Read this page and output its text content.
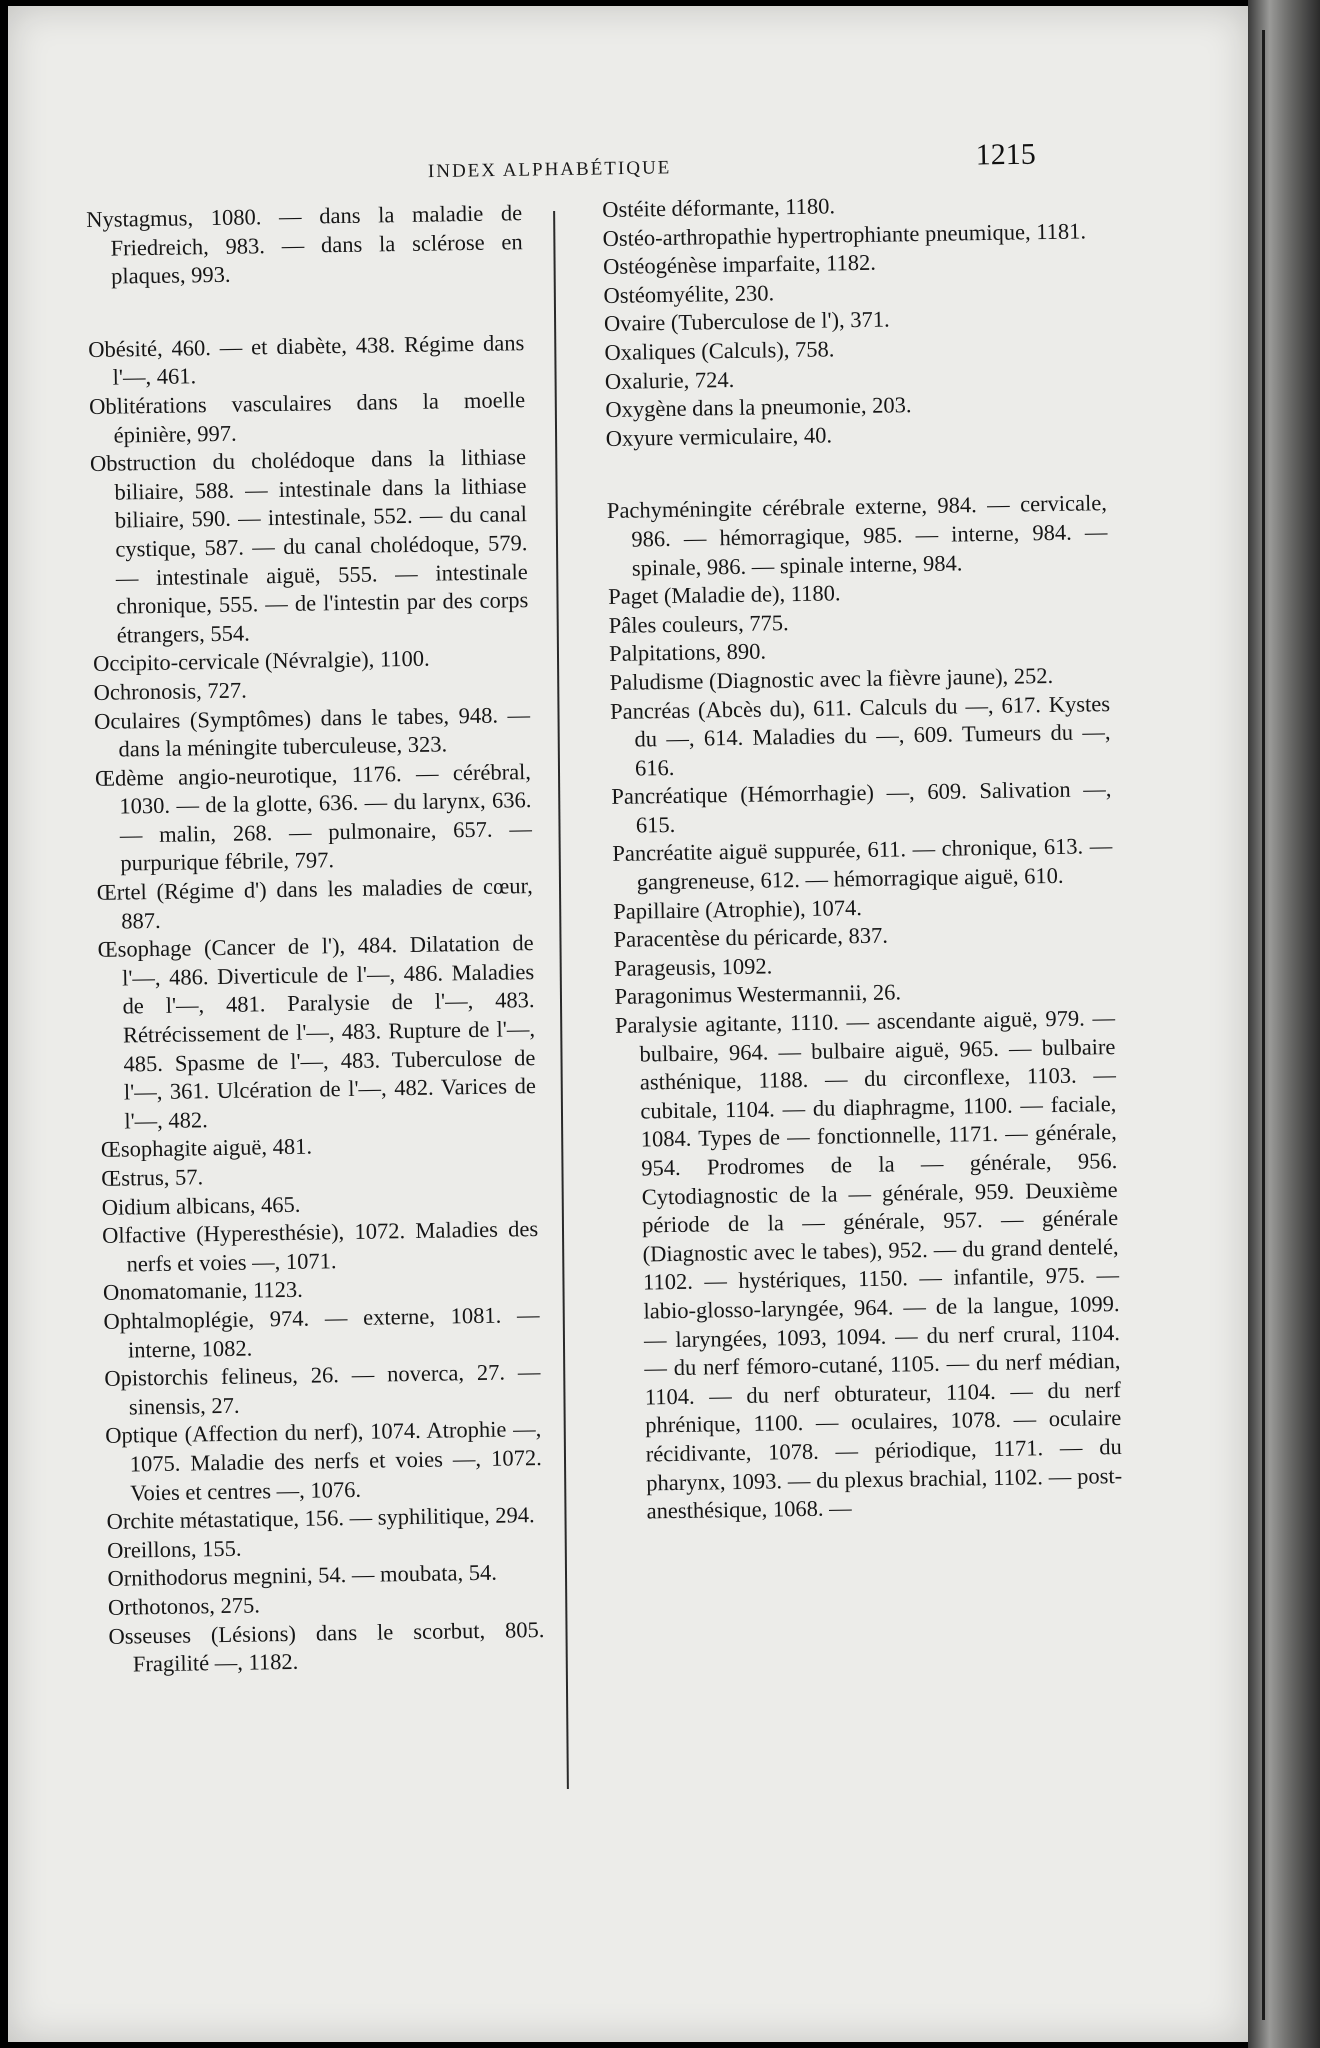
INDEX ALPHABÉTIQUE	1215

Nystagmus, 1080. — dans la maladie de Friedreich, 983. — dans la sclérose en plaques, 993.

Obésité, 460. — et diabète, 438. Régime dans l'—, 461.

Oblitérations vasculaires dans la moelle épinière, 997.

Obstruction du cholédoque dans la lithiase biliaire, 588. — intestinale dans la lithiase biliaire, 590. — intestinale, 552. — du canal cystique, 587. — du canal cholédoque, 579. — intestinale aiguë, 555. — intestinale chronique, 555. — de l'intestin par des corps étrangers, 554.

Occipito-cervicale (Névralgie), 1100.

Ochronosis, 727.

Oculaires (Symptômes) dans le tabes, 948. — dans la méningite tuberculeuse, 323.

Œdème angio-neurotique, 1176. — cérébral, 1030. — de la glotte, 636. — du larynx, 636. — malin, 268. — pulmonaire, 657. — purpurique fébrile, 797.

Œrtel (Régime d') dans les maladies de cœur, 887.

Œsophage (Cancer de l'), 484. Dilatation de l'—, 486. Diverticule de l'—, 486. Maladies de l'—, 481. Paralysie de l'—, 483. Rétrécissement de l'—, 483. Rupture de l'—, 485. Spasme de l'—, 483. Tuberculose de l'—, 361. Ulcération de l'—, 482. Varices de l'—, 482.

Œsophagite aiguë, 481.

Œstrus, 57.

Oidium albicans, 465.

Olfactive (Hyperesthésie), 1072. Maladies des nerfs et voies —, 1071.

Onomatomanie, 1123.

Ophtalmoplégie, 974. — externe, 1081. — interne, 1082.

Opistorchis felineus, 26. — noverca, 27. — sinensis, 27.

Optique (Affection du nerf), 1074. Atrophie —, 1075. Maladie des nerfs et voies —, 1072. Voies et centres —, 1076.

Orchite métastatique, 156. — syphilitique, 294.

Oreillons, 155.

Ornithodorus megnini, 54. — moubata, 54.

Orthotonos, 275.

Osseuses (Lésions) dans le scorbut, 805. Fragilité —, 1182.

Ostéite déformante, 1180.

Ostéo-arthropathie hypertrophiante pneumique, 1181.

Ostéogénèse imparfaite, 1182.

Ostéomyélite, 230.

Ovaire (Tuberculose de l'), 371.

Oxaliques (Calculs), 758.

Oxalurie, 724.

Oxygène dans la pneumonie, 203.

Oxyure vermiculaire, 40.

Pachyméningite cérébrale externe, 984. — cervicale, 986. — hémorragique, 985. — interne, 984. — spinale, 986. — spinale interne, 984.

Paget (Maladie de), 1180.

Pâles couleurs, 775.

Palpitations, 890.

Paludisme (Diagnostic avec la fièvre jaune), 252.

Pancréas (Abcès du), 611. Calculs du —, 617. Kystes du —, 614. Maladies du —, 609. Tumeurs du —, 616.

Pancréatique (Hémorrhagie) —, 609. Salivation —, 615.

Pancréatite aiguë suppurée, 611. — chronique, 613. — gangreneuse, 612. — hémorragique aiguë, 610.

Papillaire (Atrophie), 1074.

Paracentèse du péricarde, 837.

Parageusis, 1092.

Paragonimus Westermannii, 26.

Paralysie agitante, 1110. — ascendante aiguë, 979. — bulbaire, 964. — bulbaire aiguë, 965. — bulbaire asthénique, 1188. — du circonflexe, 1103. — cubitale, 1104. — du diaphragme, 1100. — faciale, 1084. Types de — fonctionnelle, 1171. — générale, 954. Prodromes de la — générale, 956. Cytodiagnostic de la — générale, 959. Deuxième période de la — générale, 957. — générale (Diagnostic avec le tabes), 952. — du grand dentelé, 1102. — hystériques, 1150. — infantile, 975. — labio-glosso-laryngée, 964. — de la langue, 1099. — laryngées, 1093, 1094. — du nerf crural, 1104. — du nerf fémoro-cutané, 1105. — du nerf médian, 1104. — du nerf obturateur, 1104. — du nerf phrénique, 1100. — oculaires, 1078. — oculaire récidivante, 1078. — périodique, 1171. — du pharynx, 1093. — du plexus brachial, 1102. — post-anesthésique, 1068. —
